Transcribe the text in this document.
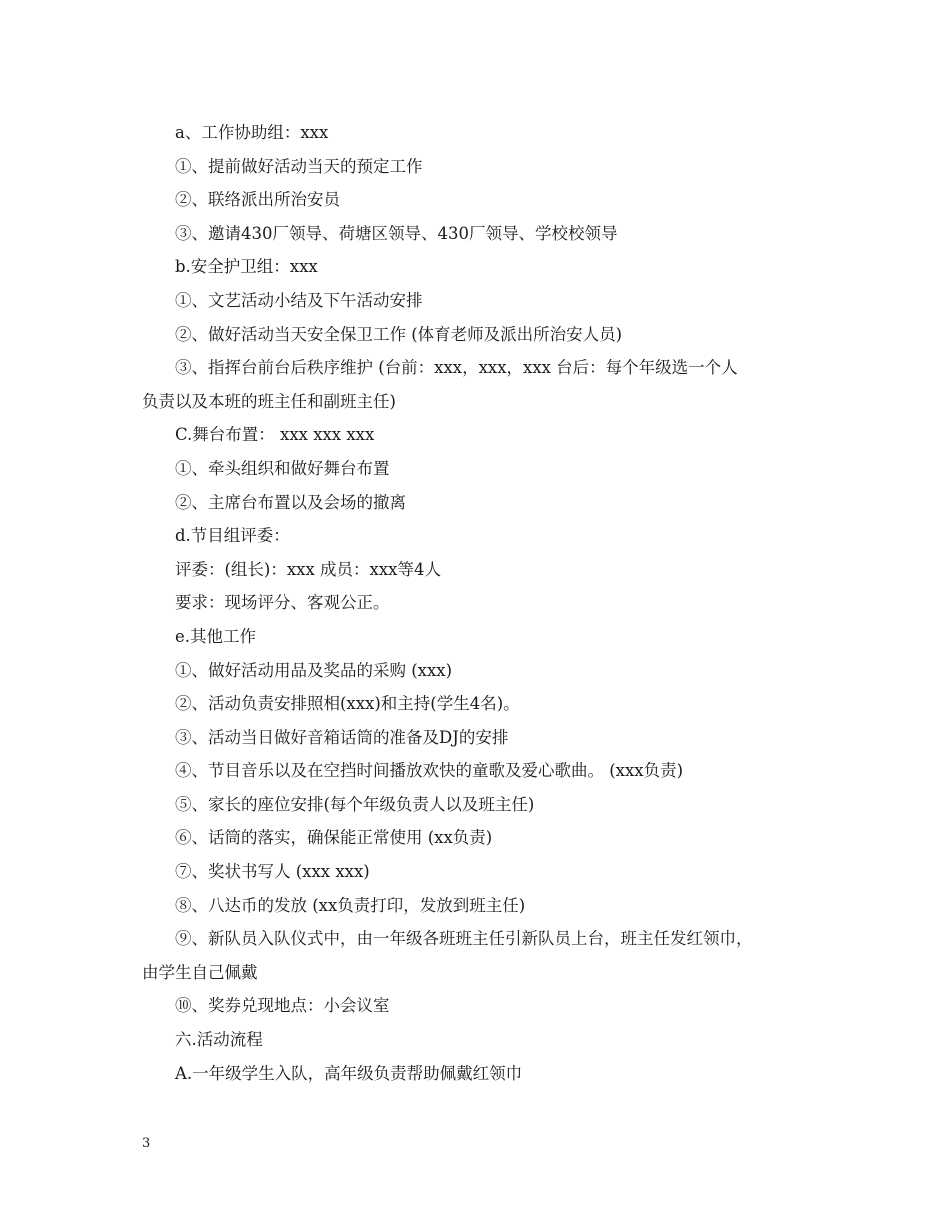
a、工作协助组：xxx
①、提前做好活动当天的预定工作
②、联络派出所治安员
③、邀请430厂领导、荷塘区领导、430厂领导、学校校领导
b.安全护卫组：xxx
①、文艺活动小结及下午活动安排
②、做好活动当天安全保卫工作 (体育老师及派出所治安人员)
③、指挥台前台后秩序维护 (台前：xxx，xxx，xxx 台后：每个年级选一个人
负责以及本班的班主任和副班主任)
C.舞台布置： xxx xxx xxx
①、牵头组织和做好舞台布置
②、主席台布置以及会场的撤离
d.节目组评委：
评委：(组长)：xxx 成员：xxx等4人
要求：现场评分、客观公正。
e.其他工作
①、做好活动用品及奖品的采购 (xxx)
②、活动负责安排照相(xxx)和主持(学生4名)。
③、活动当日做好音箱话筒的准备及DJ的安排
④、节目音乐以及在空挡时间播放欢快的童歌及爱心歌曲。 (xxx负责)
⑤、家长的座位安排(每个年级负责人以及班主任)
⑥、话筒的落实，确保能正常使用 (xx负责)
⑦、奖状书写人 (xxx xxx)
⑧、八达币的发放 (xx负责打印，发放到班主任)
⑨、新队员入队仪式中，由一年级各班班主任引新队员上台，班主任发红领巾，
由学生自己佩戴
⑩、奖券兑现地点：小会议室
六.活动流程
A.一年级学生入队，高年级负责帮助佩戴红领巾
3
